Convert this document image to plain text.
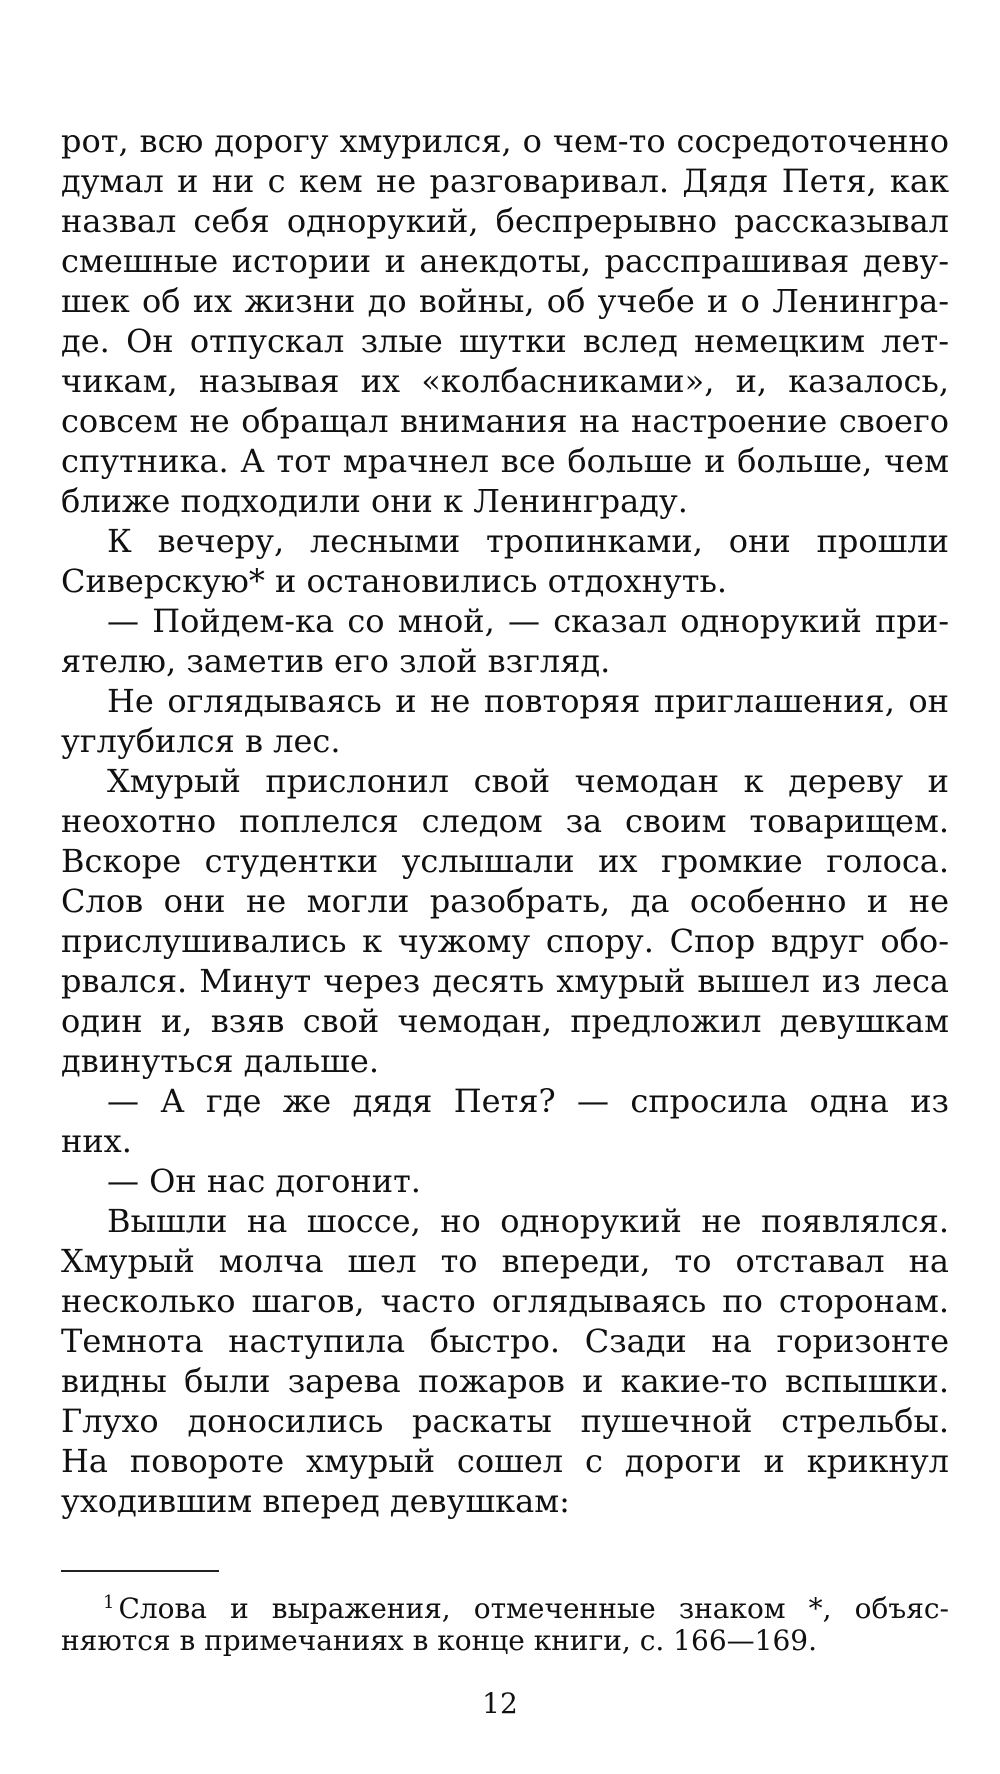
рот, всю дорогу хмурился, о чем-то сосредоточенно
думал и ни с кем не разговаривал. Дядя Петя, как
назвал себя однорукий, беспрерывно рассказывал
смешные истории и анекдоты, расспрашивая деву-
шек об их жизни до войны, об учебе и о Ленингра-
де. Он отпускал злые шутки вслед немецким лет-
чикам, называя их «колбасниками», и, казалось,
совсем не обращал внимания на настроение своего
спутника. А тот мрачнел все больше и больше, чем
ближе подходили они к Ленинграду.
К вечеру, лесными тропинками, они прошли
Сиверскую* и остановились отдохнуть.
— Пойдем-ка со мной, — сказал однорукий при-
ятелю, заметив его злой взгляд.
Не оглядываясь и не повторяя приглашения, он
углубился в лес.
Хмурый прислонил свой чемодан к дереву и
неохотно поплелся следом за своим товарищем.
Вскоре студентки услышали их громкие голоса.
Слов они не могли разобрать, да особенно и не
прислушивались к чужому спору. Спор вдруг обо-
рвался. Минут через десять хмурый вышел из леса
один и, взяв свой чемодан, предложил девушкам
двинуться дальше.
— А где же дядя Петя? — спросила одна из
них.
— Он нас догонит.
Вышли на шоссе, но однорукий не появлялся.
Хмурый молча шел то впереди, то отставал на
несколько шагов, часто оглядываясь по сторонам.
Темнота наступила быстро. Сзади на горизонте
видны были зарева пожаров и какие-то вспышки.
Глухо доносились раскаты пушечной стрельбы.
На повороте хмурый сошел с дороги и крикнул
уходившим вперед девушкам:
$^1$ Слова и выражения, отмеченные знаком *, объяс-
няются в примечаниях в конце книги, с. 166—169.
12
